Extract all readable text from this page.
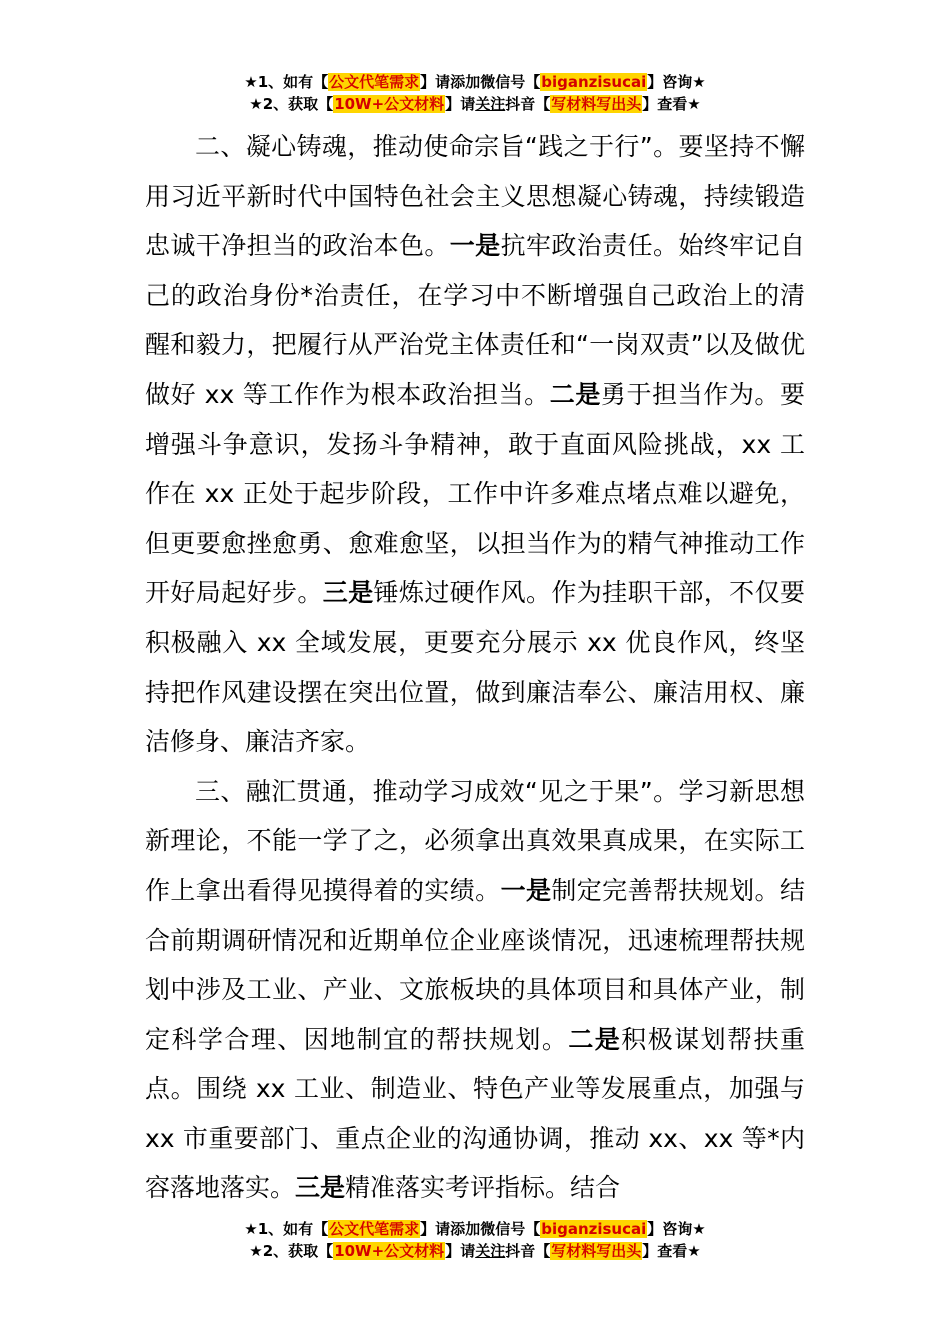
★1、如有【公文代笔需求】请添加微信号【biganzisucai】咨询★
★2、获取【10W+公文材料】请关注抖音【写材料写出头】查看★

二、凝心铸魂，推动使命宗旨“践之于行”。要坚持不懈用习近平新时代中国特色社会主义思想凝心铸魂，持续锻造忠诚干净担当的政治本色。一是抗牢政治责任。始终牢记自己的政治身份*治责任，在学习中不断增强自己政治上的清醒和毅力，把履行从严治党主体责任和“一岗双责”以及做优做好 xx 等工作作为根本政治担当。二是勇于担当作为。要增强斗争意识，发扬斗争精神，敢于直面风险挑战，xx 工作在 xx 正处于起步阶段，工作中许多难点堵点难以避免，但更要愈挫愈勇、愈难愈坚，以担当作为的精气神推动工作开好局起好步。三是锤炼过硬作风。作为挂职干部，不仅要积极融入 xx 全域发展，更要充分展示 xx 优良作风，终坚持把作风建设摆在突出位置，做到廉洁奉公、廉洁用权、廉洁修身、廉洁齐家。

三、融汇贯通，推动学习成效“见之于果”。学习新思想新理论，不能一学了之，必须拿出真效果真成果，在实际工作上拿出看得见摸得着的实绩。一是制定完善帮扶规划。结合前期调研情况和近期单位企业座谈情况，迅速梳理帮扶规划中涉及工业、产业、文旅板块的具体项目和具体产业，制定科学合理、因地制宜的帮扶规划。二是积极谋划帮扶重点。围绕 xx 工业、制造业、特色产业等发展重点，加强与 xx 市重要部门、重点企业的沟通协调，推动 xx、xx 等*内容落地落实。三是精准落实考评指标。结合

★1、如有【公文代笔需求】请添加微信号【biganzisucai】咨询★
★2、获取【10W+公文材料】请关注抖音【写材料写出头】查看★
